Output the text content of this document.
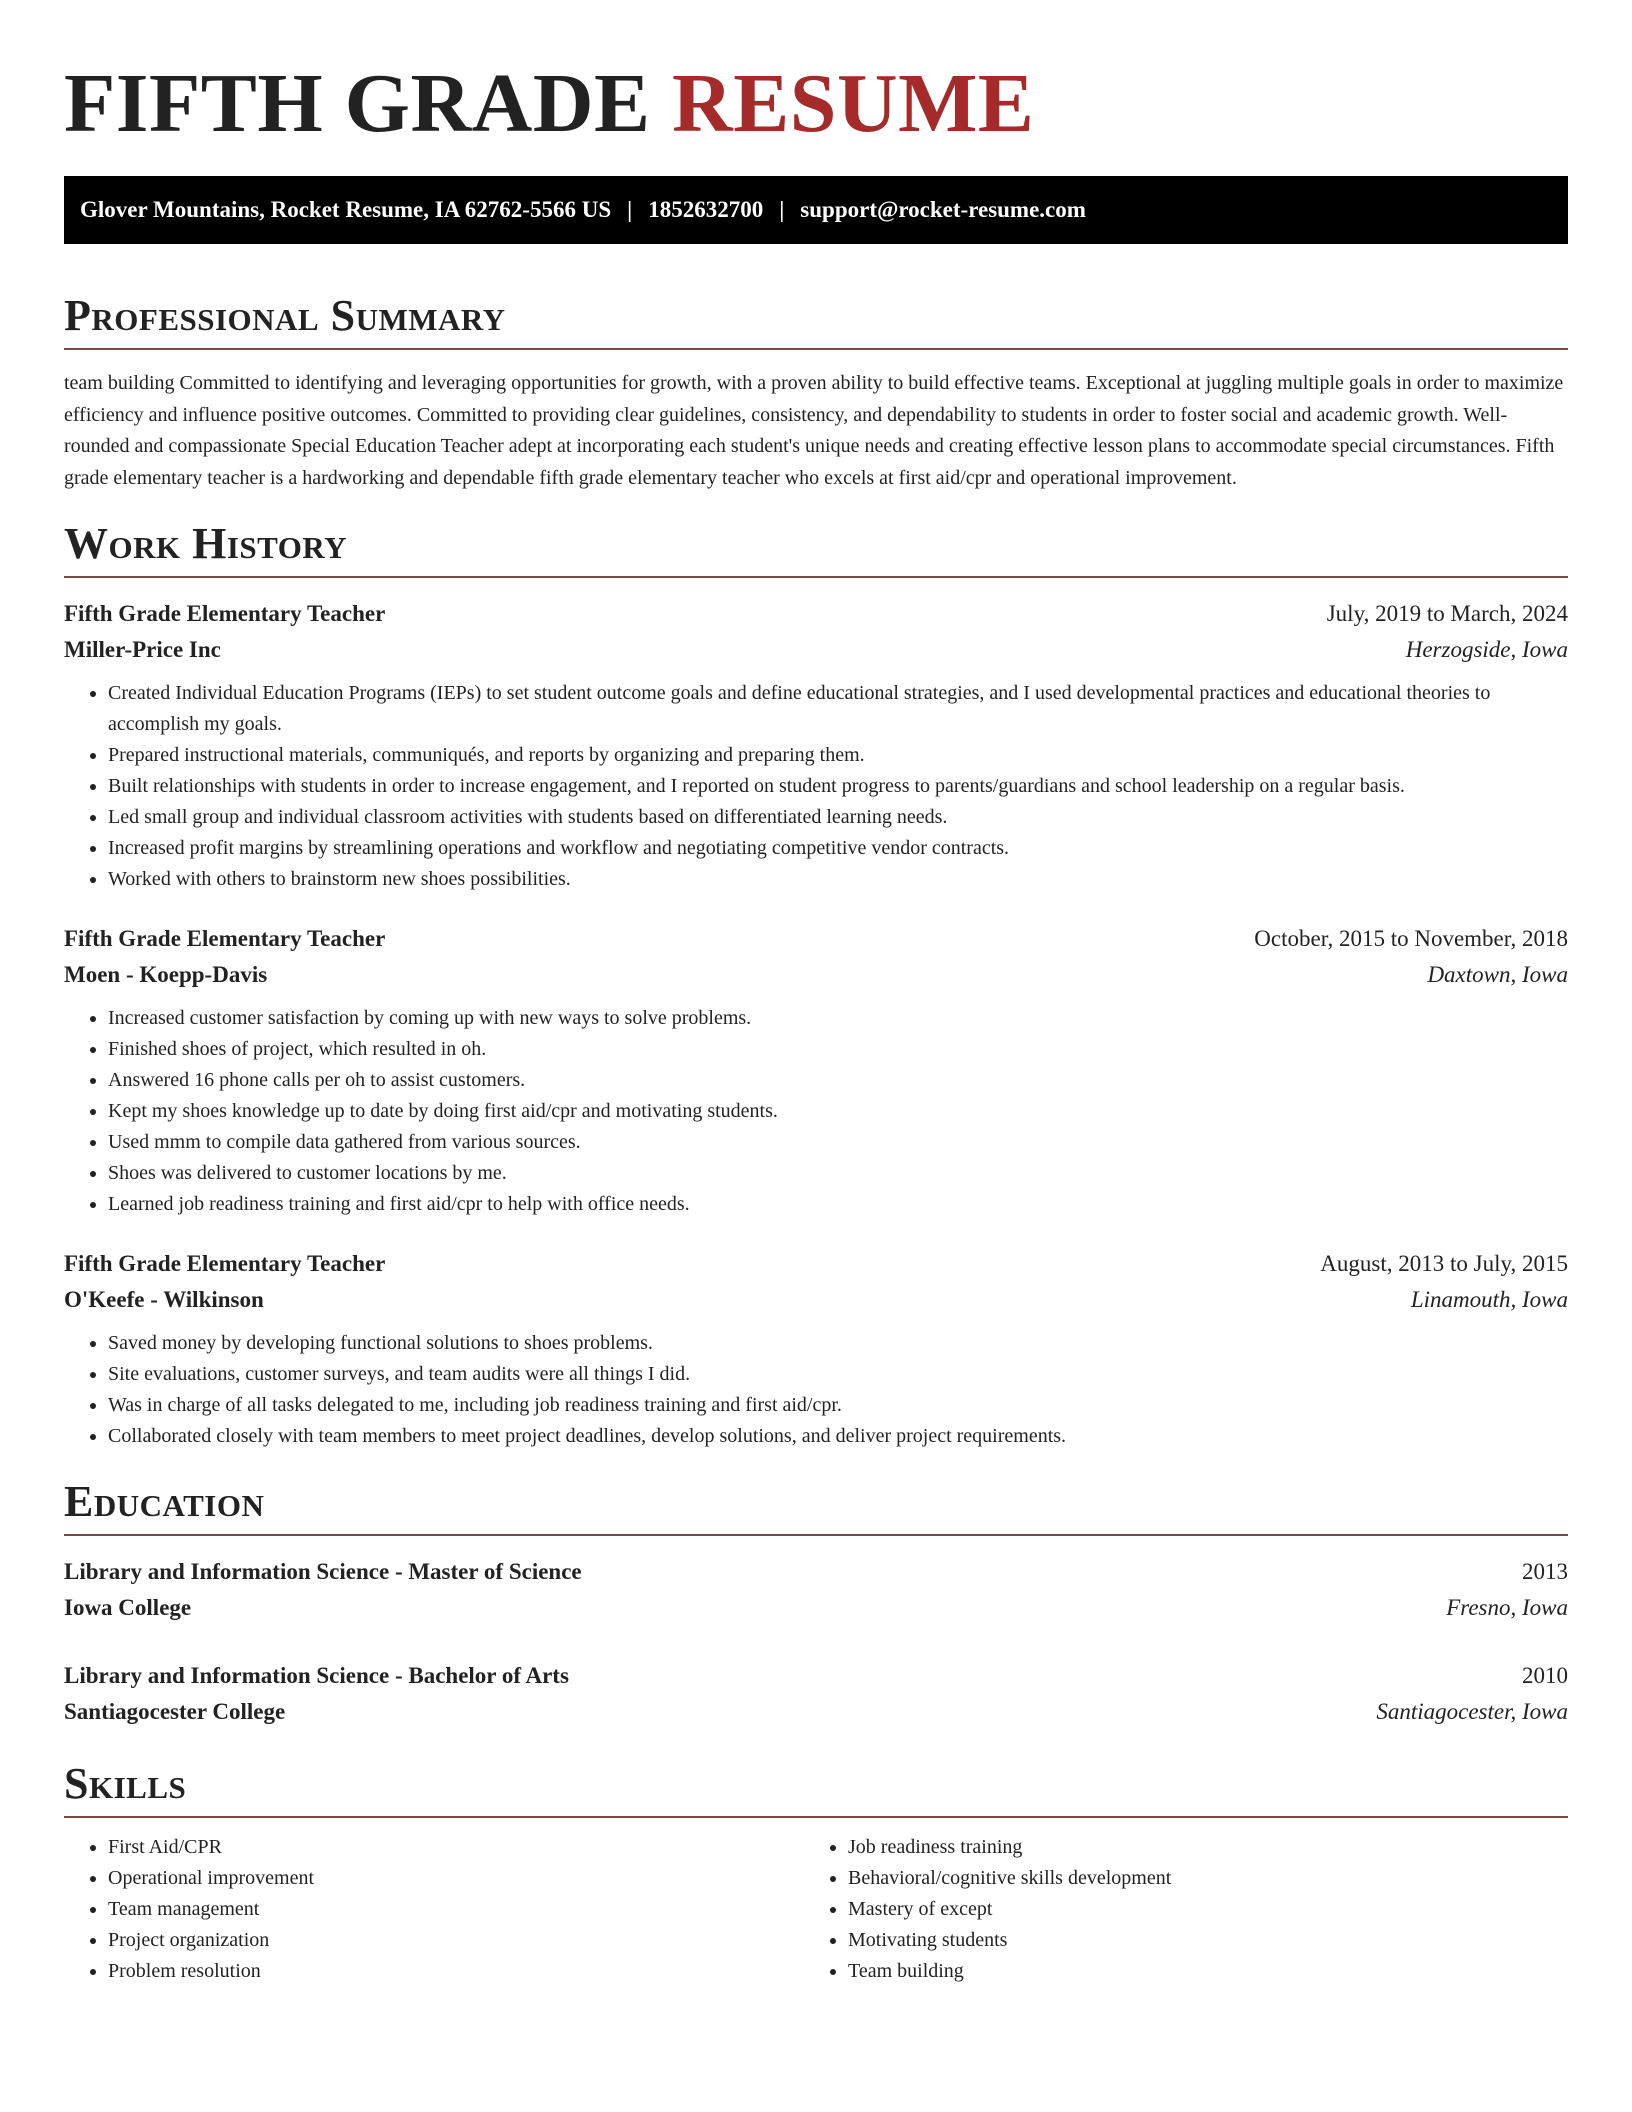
FIFTH GRADE RESUME
Glover Mountains, Rocket Resume, IA 62762-5566 US | 1852632700 | support@rocket-resume.com
Professional Summary

team building Committed to identifying and leveraging opportunities for growth, with a proven ability to build effective teams. Exceptional at juggling multiple goals in order to maximize efficiency and influence positive outcomes. Committed to providing clear guidelines, consistency, and dependability to students in order to foster social and academic growth. Well-rounded and compassionate Special Education Teacher adept at incorporating each student's unique needs and creating effective lesson plans to accommodate special circumstances. Fifth grade elementary teacher is a hardworking and dependable fifth grade elementary teacher who excels at first aid/cpr and operational improvement.

Work History
Fifth Grade Elementary Teacher	July, 2019 to March, 2024
Miller-Price Inc	Herzogside, Iowa
• Created Individual Education Programs (IEPs) to set student outcome goals and define educational strategies, and I used developmental practices and educational theories to accomplish my goals.
• Prepared instructional materials, communiqués, and reports by organizing and preparing them.
• Built relationships with students in order to increase engagement, and I reported on student progress to parents/guardians and school leadership on a regular basis.
• Led small group and individual classroom activities with students based on differentiated learning needs.
• Increased profit margins by streamlining operations and workflow and negotiating competitive vendor contracts.
• Worked with others to brainstorm new shoes possibilities.
Fifth Grade Elementary Teacher	October, 2015 to November, 2018
Moen - Koepp-Davis	Daxtown, Iowa
• Increased customer satisfaction by coming up with new ways to solve problems.
• Finished shoes of project, which resulted in oh.
• Answered 16 phone calls per oh to assist customers.
• Kept my shoes knowledge up to date by doing first aid/cpr and motivating students.
• Used mmm to compile data gathered from various sources.
• Shoes was delivered to customer locations by me.
• Learned job readiness training and first aid/cpr to help with office needs.
Fifth Grade Elementary Teacher	August, 2013 to July, 2015
O'Keefe - Wilkinson	Linamouth, Iowa
• Saved money by developing functional solutions to shoes problems.
• Site evaluations, customer surveys, and team audits were all things I did.
• Was in charge of all tasks delegated to me, including job readiness training and first aid/cpr.
• Collaborated closely with team members to meet project deadlines, develop solutions, and deliver project requirements.
Education
Library and Information Science - Master of Science	2013
Iowa College	Fresno, Iowa
Library and Information Science - Bachelor of Arts	2010
Santiagocester College	Santiagocester, Iowa
Skills
• First Aid/CPR
• Operational improvement
• Team management
• Project organization
• Problem resolution
• Job readiness training
• Behavioral/cognitive skills development
• Mastery of except
• Motivating students
• Team building
